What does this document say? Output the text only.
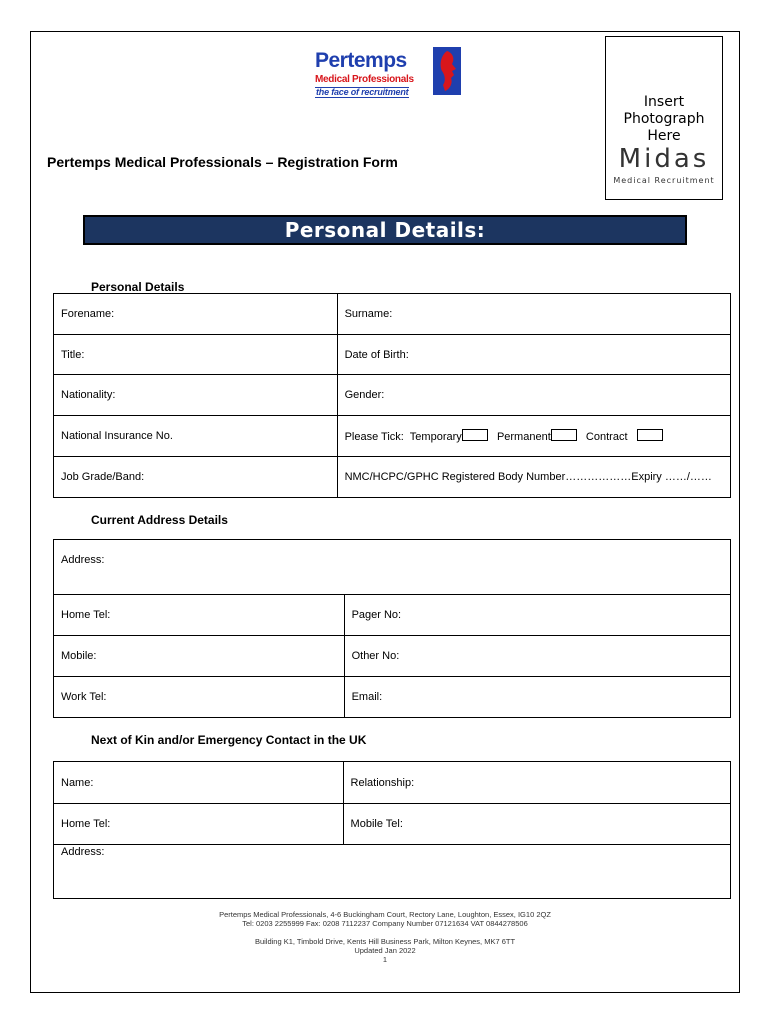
Pertemps
Medical Professionals
the face of recruitment
Insert
Photograph
Here
Midas
Medical Recruitment
Pertemps Medical Professionals – Registration Form
Personal Details:
Personal Details
Forename:	Surname:
Title:	Date of Birth:
Nationality:	Gender:
National Insurance No.	Please Tick: Temporary Permanent Contract
Job Grade/Band:	NMC/HCPC/GPHC Registered Body Number………………Expiry ……/……
Current Address Details
Address:	
Home Tel:	Pager No:
Mobile:	Other No:
Work Tel:	Email:
Next of Kin and/or Emergency Contact in the UK
Name:	Relationship:
Home Tel:	Mobile Tel:
Address:	
Pertemps Medical Professionals, 4-6 Buckingham Court, Rectory Lane, Loughton, Essex, IG10 2QZ
Tel: 0203 2255999 Fax: 0208 7112237 Company Number 07121634 VAT 0844278506
Building K1, Timbold Drive, Kents Hill Business Park, Milton Keynes, MK7 6TT
Updated Jan 2022
1
